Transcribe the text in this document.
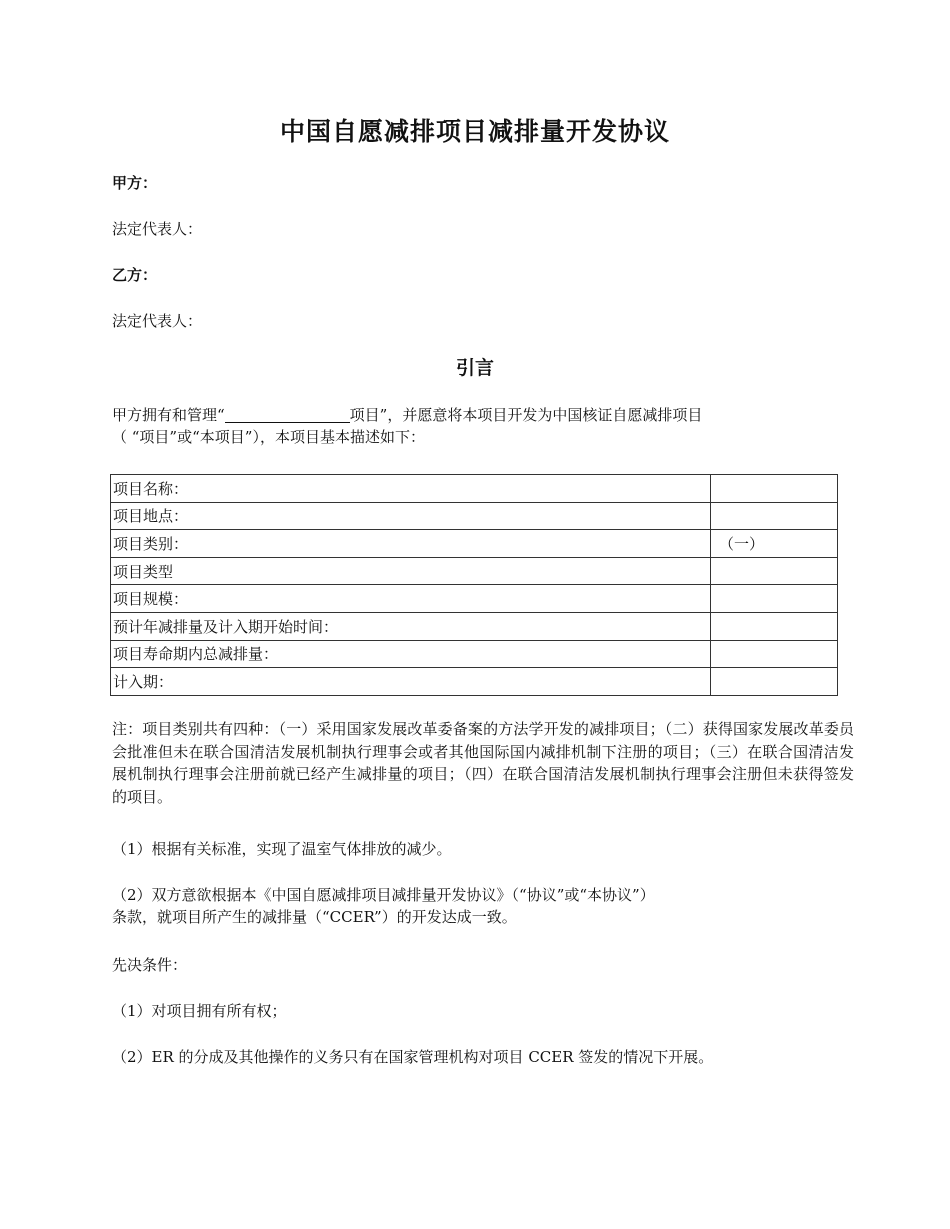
中国自愿减排项目减排量开发协议
甲方：
法定代表人：
乙方：
法定代表人：
引言
甲方拥有和管理“	项目”，并愿意将本项目开发为中国核证自愿减排项目
（ “项目”或“本项目”），本项目基本描述如下：
项目名称：	
项目地点：	
项目类别：	（一）
项目类型	
项目规模：	
预计年减排量及计入期开始时间：	
项目寿命期内总减排量：	
计入期：	
注：项目类别共有四种：（一）采用国家发展改革委备案的方法学开发的减排项目；（二）获得国家发展改革委员会批准但未在联合国清洁发展机制执行理事会或者其他国际国内减排机制下注册的项目；（三）在联合国清洁发展机制执行理事会注册前就已经产生减排量的项目；（四）在联合国清洁发展机制执行理事会注册但未获得签发的项目。
（1）根据有关标准，实现了温室气体排放的减少。
（2）双方意欲根据本《中国自愿减排项目减排量开发协议》（“协议”或“本协议”）
条款，就项目所产生的减排量（“CCER”）的开发达成一致。
先决条件：
（1）对项目拥有所有权；
（2）ER 的分成及其他操作的义务只有在国家管理机构对项目 CCER 签发的情况下开展。
